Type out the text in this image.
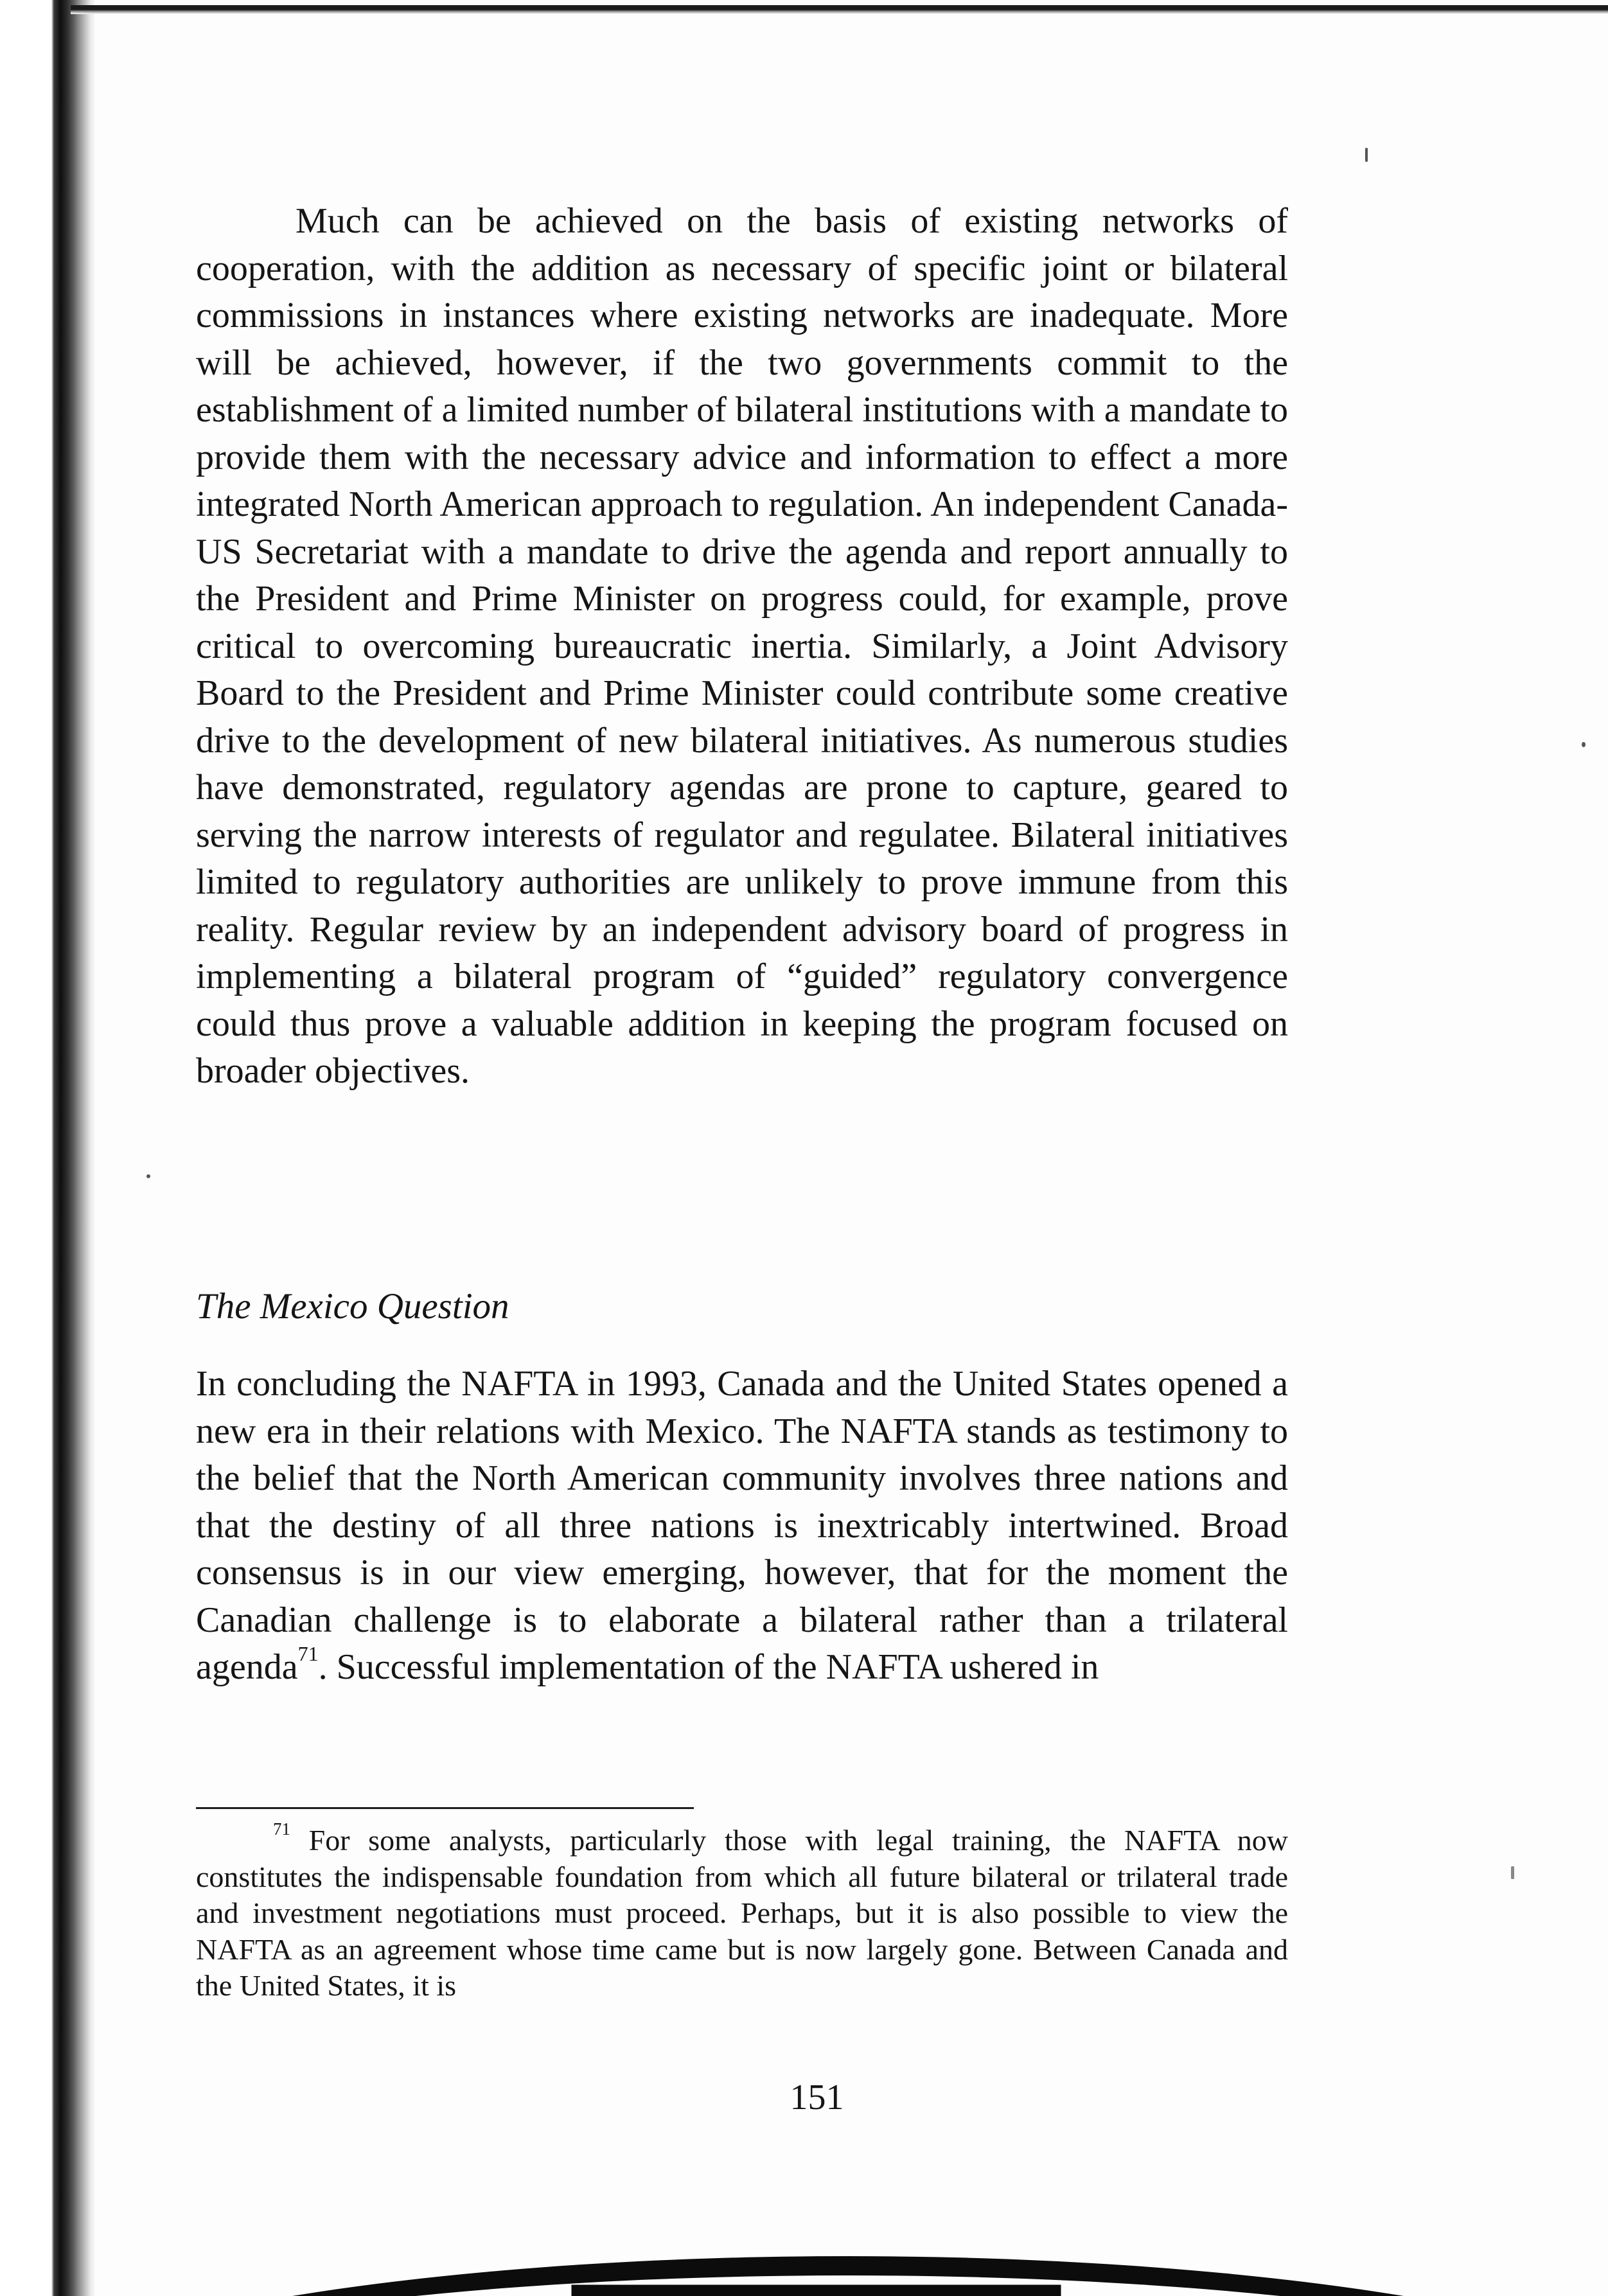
Much can be achieved on the basis of existing networks of cooperation, with the addition as necessary of specific joint or bilateral commissions in instances where existing networks are inadequate. More will be achieved, however, if the two governments commit to the establishment of a limited number of bilateral institutions with a mandate to provide them with the necessary advice and information to effect a more integrated North American approach to regulation. An independent Canada-US Secretariat with a mandate to drive the agenda and report annually to the President and Prime Minister on progress could, for example, prove critical to overcoming bureaucratic inertia. Similarly, a Joint Advisory Board to the President and Prime Minister could contribute some creative drive to the development of new bilateral initiatives. As numerous studies have demonstrated, regulatory agendas are prone to capture, geared to serving the narrow interests of regulator and regulatee. Bilateral initiatives limited to regulatory authorities are unlikely to prove immune from this reality. Regular review by an independent advisory board of progress in implementing a bilateral program of “guided” regulatory convergence could thus prove a valuable addition in keeping the program focused on broader objectives.

The Mexico Question

In concluding the NAFTA in 1993, Canada and the United States opened a new era in their relations with Mexico. The NAFTA stands as testimony to the belief that the North American community involves three nations and that the destiny of all three nations is inextricably intertwined. Broad consensus is in our view emerging, however, that for the moment the Canadian challenge is to elaborate a bilateral rather than a trilateral agenda$^{71}$. Successful implementation of the NAFTA ushered in

$^{71}$ For some analysts, particularly those with legal training, the NAFTA now constitutes the indispensable foundation from which all future bilateral or trilateral trade and investment negotiations must proceed. Perhaps, but it is also possible to view the NAFTA as an agreement whose time came but is now largely gone. Between Canada and the United States, it is

151
